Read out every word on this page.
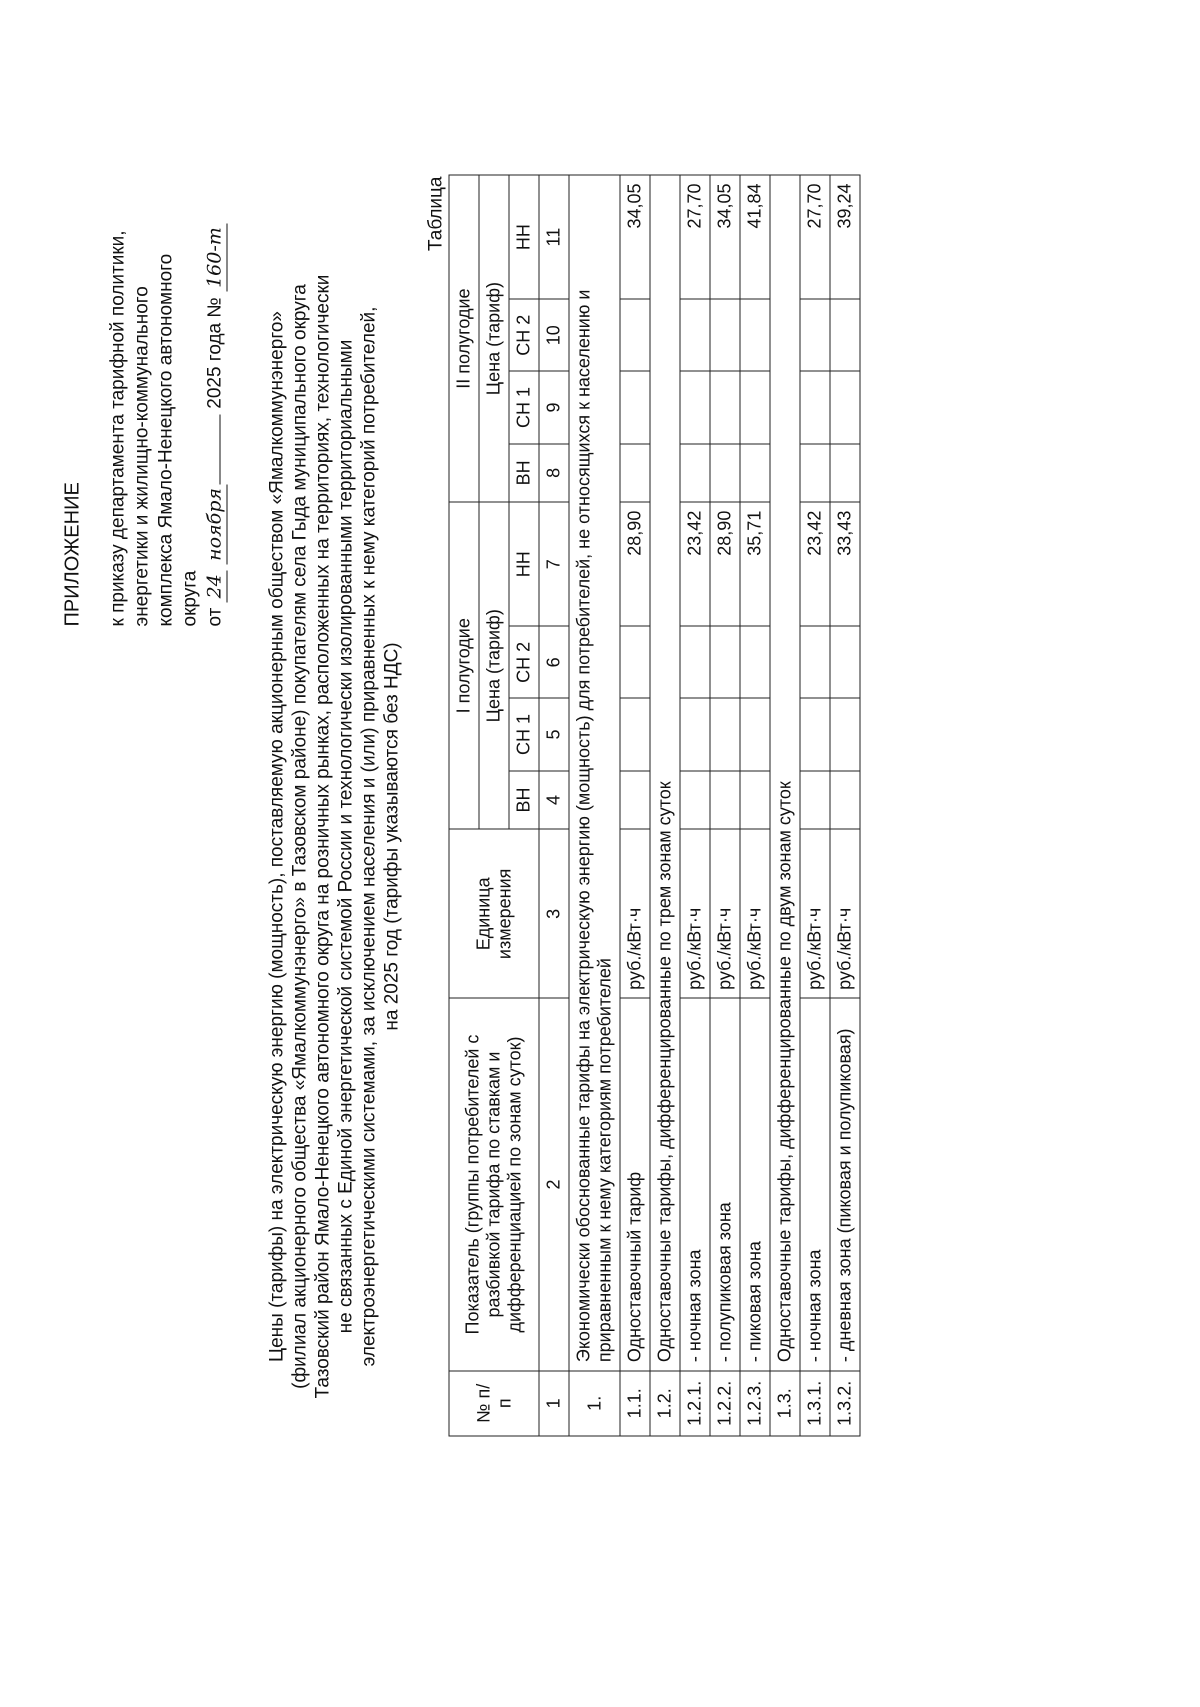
ПРИЛОЖЕНИЕ к приказу департамента тарифной политики, энергетики и жилищно-коммунального комплекса Ямало-Ненецкого автономного округа от 24 ноября 2025 года № 160-т
Цены (тарифы) на электрическую энергию (мощность), поставляемую акционерным обществом «Ямалкоммунэнерго» (филиал акционерного общества «Ямалкоммунэнерго» в Тазовском районе) покупателям села Гыда муниципального округа Тазовский район Ямало-Ненецкого автономного округа на розничных рынках, расположенных на территориях, технологически не связанных с Единой энергетической системой России и технологически изолированными территориальными электроэнергетическими системами, за исключением населения и (или) приравненных к нему категорий потребителей, на 2025 год (тарифы указываются без НДС)
Таблица
№ п/п	Показатель (группы потребителей с разбивкой тарифа по ставкам и дифференциацией по зонам суток)	Единица измерения	I полугодие				II полугодие			
			Цена (тариф)				Цена (тариф)			
			ВН	СН 1	СН 2	НН	ВН	СН 1	СН 2	НН
1	2	3	4	5	6	7	8	9	10	11
1.	Экономически обоснованные тарифы на электрическую энергию (мощность) для потребителей, не относящихся к населению и приравненным к нему категориям потребителей									
1.1.	Одноставочный тариф	руб./кВт·ч				28,90				34,05
1.2.	Одноставочные тарифы, дифференцированные по трем зонам суток									
1.2.1.	- ночная зона	руб./кВт·ч				23,42				27,70
1.2.2.	- полупиковая зона	руб./кВт·ч				28,90				34,05
1.2.3.	- пиковая зона	руб./кВт·ч				35,71				41,84
1.3.	Одноставочные тарифы, дифференцированные по двум зонам суток									
1.3.1.	- ночная зона	руб./кВт·ч				23,42				27,70
1.3.2.	- дневная зона (пиковая и полупиковая)	руб./кВт·ч				33,43				39,24
